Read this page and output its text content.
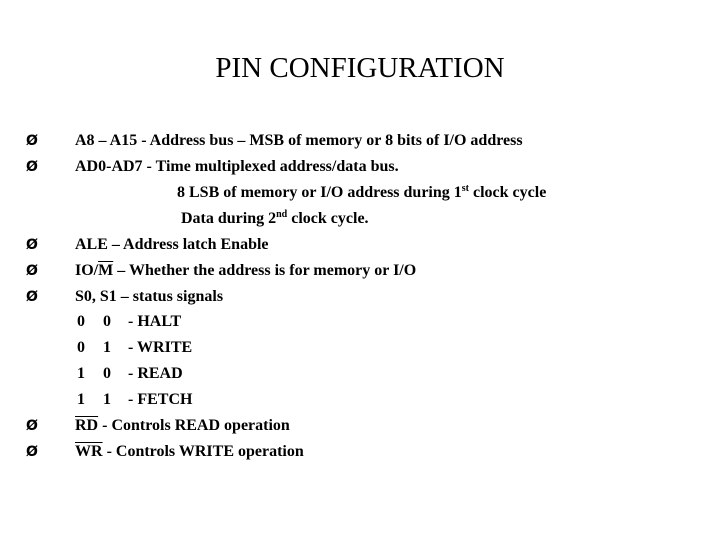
PIN CONFIGURATION
Ø A8 – A15 - Address bus – MSB of memory or 8 bits of I/O address
Ø AD0-AD7 - Time multiplexed address/data bus.
8 LSB of memory or I/O address during 1st clock cycle
Data during 2nd clock cycle.
Ø ALE – Address latch Enable
Ø $IO/\overline{M}$ – Whether the address is for memory or I/O
Ø S0, S1 – status signals
0 0 - HALT
0 1 - WRITE
1 0 - READ
1 1 - FETCH
Ø $\overline{RD}$ - Controls READ operation
Ø $\overline{WR}$ - Controls WRITE operation
